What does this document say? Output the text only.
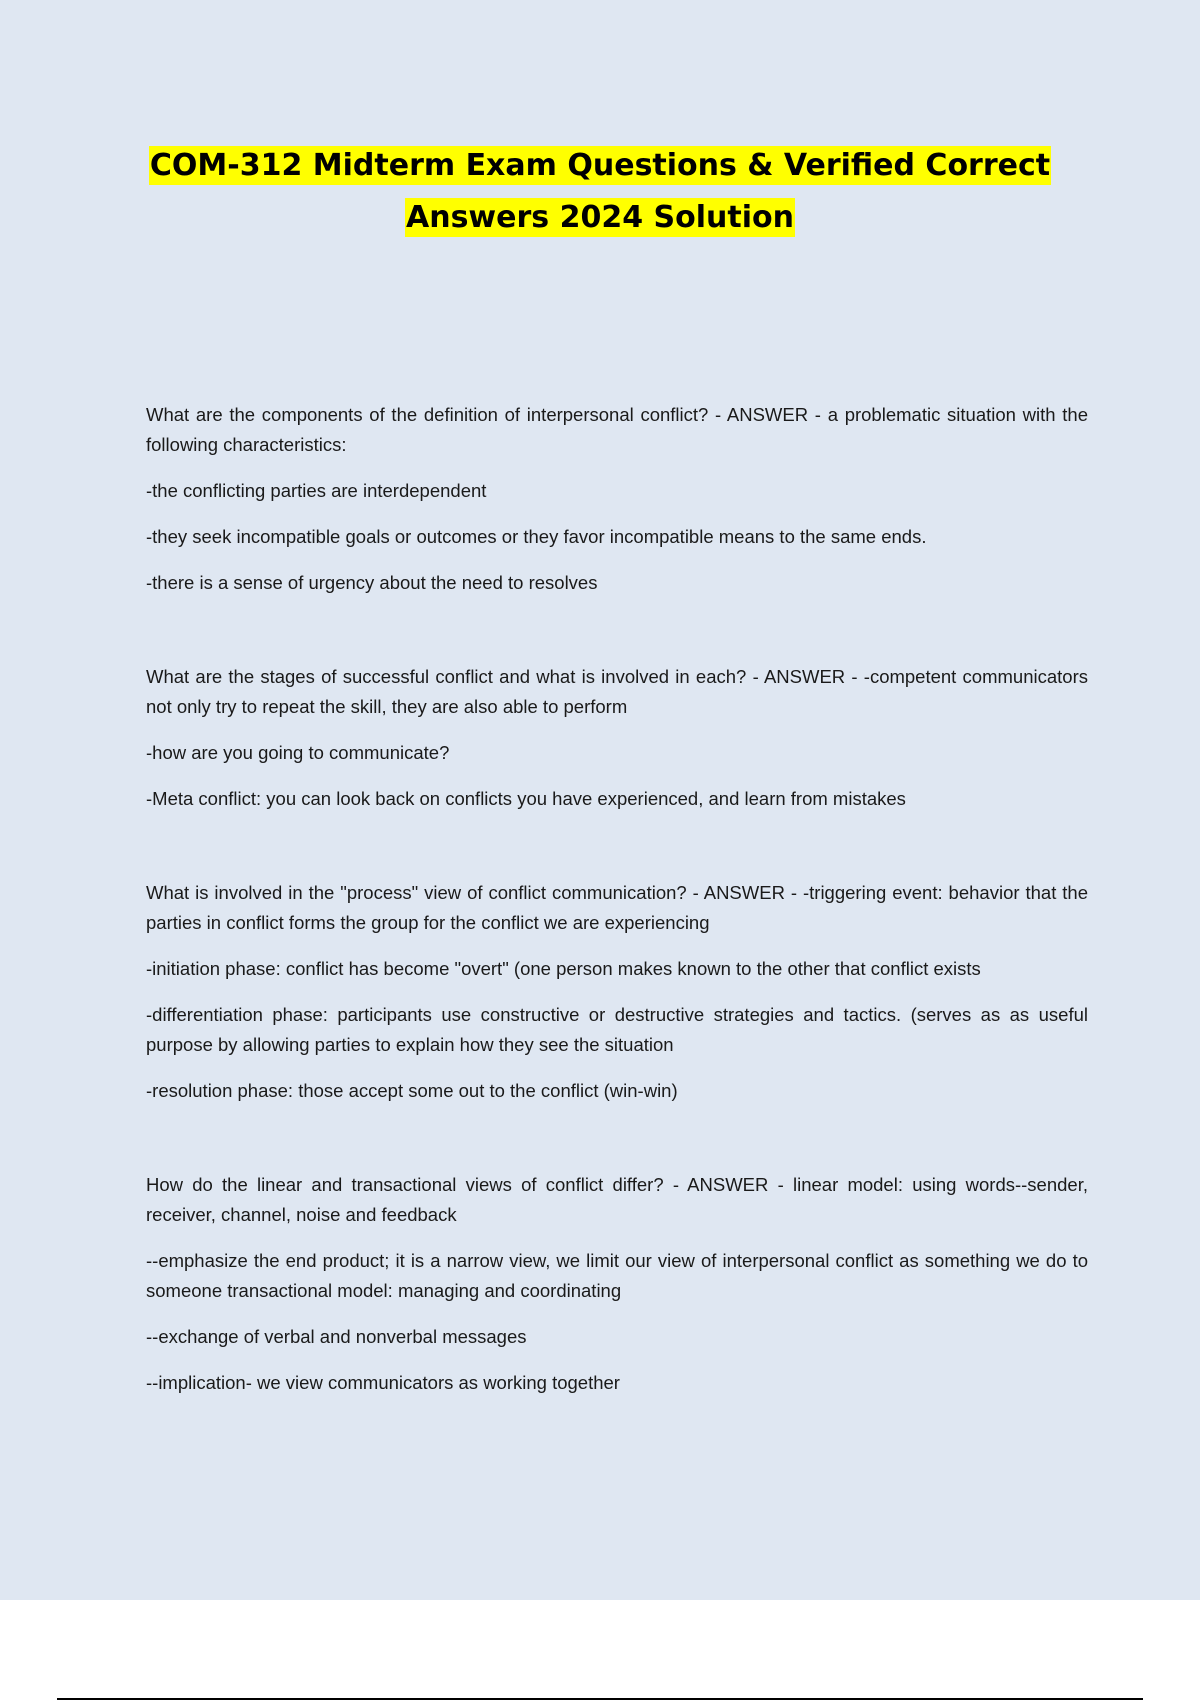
COM-312 Midterm Exam Questions & Verified Correct
Answers 2024 Solution

What are the components of the definition of interpersonal conflict? - ANSWER - a problematic situation with the following characteristics:

-the conflicting parties are interdependent

-they seek incompatible goals or outcomes or they favor incompatible means to the same ends.

-there is a sense of urgency about the need to resolves

What are the stages of successful conflict and what is involved in each? - ANSWER - -competent communicators not only try to repeat the skill, they are also able to perform

-how are you going to communicate?

-Meta conflict: you can look back on conflicts you have experienced, and learn from mistakes

What is involved in the "process" view of conflict communication? - ANSWER - -triggering event: behavior that the parties in conflict forms the group for the conflict we are experiencing

-initiation phase: conflict has become "overt" (one person makes known to the other that conflict exists

-differentiation phase: participants use constructive or destructive strategies and tactics. (serves as as useful purpose by allowing parties to explain how they see the situation

-resolution phase: those accept some out to the conflict (win-win)

How do the linear and transactional views of conflict differ? - ANSWER - linear model: using words--sender, receiver, channel, noise and feedback

--emphasize the end product; it is a narrow view, we limit our view of interpersonal conflict as something we do to someone transactional model: managing and coordinating

--exchange of verbal and nonverbal messages

--implication- we view communicators as working together
